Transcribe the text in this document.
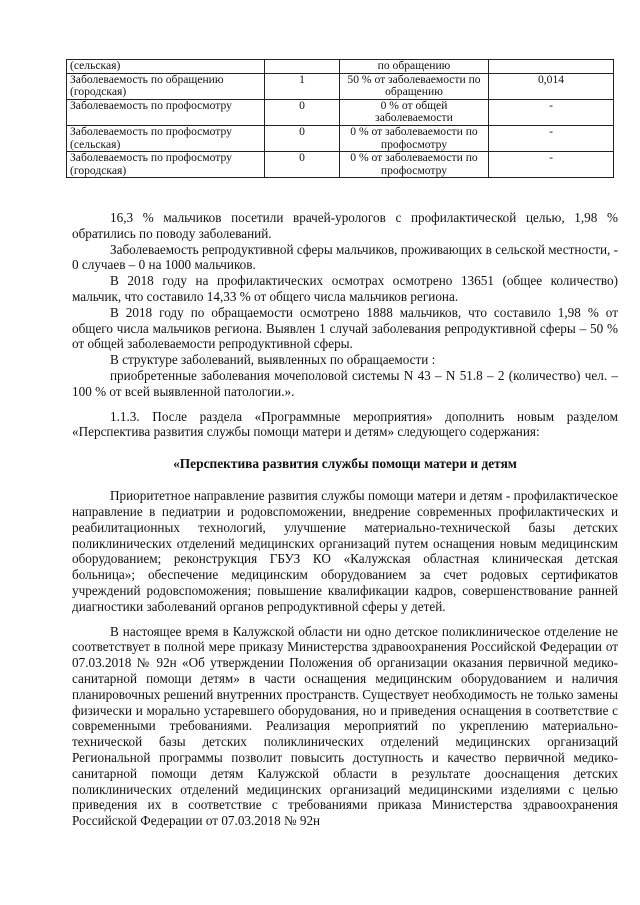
(сельская)		по обращению	
Заболеваемость по обращению (городская)	1	50 % от заболеваемости по обращению	0,014
Заболеваемость по профосмотру	0	0 % от общей заболеваемости	-
Заболеваемость по профосмотру (сельская)	0	0 % от заболеваемости по профосмотру	-
Заболеваемость по профосмотру (городская)	0	0 % от заболеваемости по профосмотру	-

16,3 % мальчиков посетили врачей-урологов с профилактической целью, 1,98 % обратились по поводу заболеваний.

Заболеваемость репродуктивной сферы мальчиков, проживающих в сельской местности, - 0 случаев – 0 на 1000 мальчиков.

В 2018 году на профилактических осмотрах осмотрено 13651 (общее количество) мальчик, что составило 14,33 % от общего числа мальчиков региона.

В 2018 году по обращаемости осмотрено 1888 мальчиков, что составило 1,98 % от общего числа мальчиков региона. Выявлен 1 случай заболевания репродуктивной сферы – 50 % от общей заболеваемости репродуктивной сферы.

В структуре заболеваний, выявленных по обращаемости :

приобретенные заболевания мочеполовой системы N 43 – N 51.8 – 2 (количество) чел. – 100 % от всей выявленной патологии.».

1.1.3. После раздела «Программные мероприятия» дополнить новым разделом «Перспектива развития службы помощи матери и детям» следующего содержания:

«Перспектива развития службы помощи матери и детям

Приоритетное направление развития службы помощи матери и детям - профилактическое направление в педиатрии и родовспоможении, внедрение современных профилактических и реабилитационных технологий, улучшение материально-технической базы детских поликлинических отделений медицинских организаций путем оснащения новым медицинским оборудованием; реконструкция ГБУЗ КО «Калужская областная клиническая детская больница»; обеспечение медицинским оборудованием за счет родовых сертификатов учреждений родовспоможения; повышение квалификации кадров, совершенствование ранней диагностики заболеваний органов репродуктивной сферы у детей.

В настоящее время в Калужской области ни одно детское поликлиническое отделение не соответствует в полной мере приказу Министерства здравоохранения Российской Федерации от 07.03.2018 № 92н «Об утверждении Положения об организации оказания первичной медико-санитарной помощи детям» в части оснащения медицинским оборудованием и наличия планировочных решений внутренних пространств. Существует необходимость не только замены физически и морально устаревшего оборудования, но и приведения оснащения в соответствие с современными требованиями. Реализация мероприятий по укреплению материально-технической базы детских поликлинических отделений медицинских организаций Региональной программы позволит повысить доступность и качество первичной медико-санитарной помощи детям Калужской области в результате дооснащения детских поликлинических отделений медицинских организаций медицинскими изделиями с целью приведения их в соответствие с требованиями приказа Министерства здравоохранения Российской Федерации от 07.03.2018 № 92н
